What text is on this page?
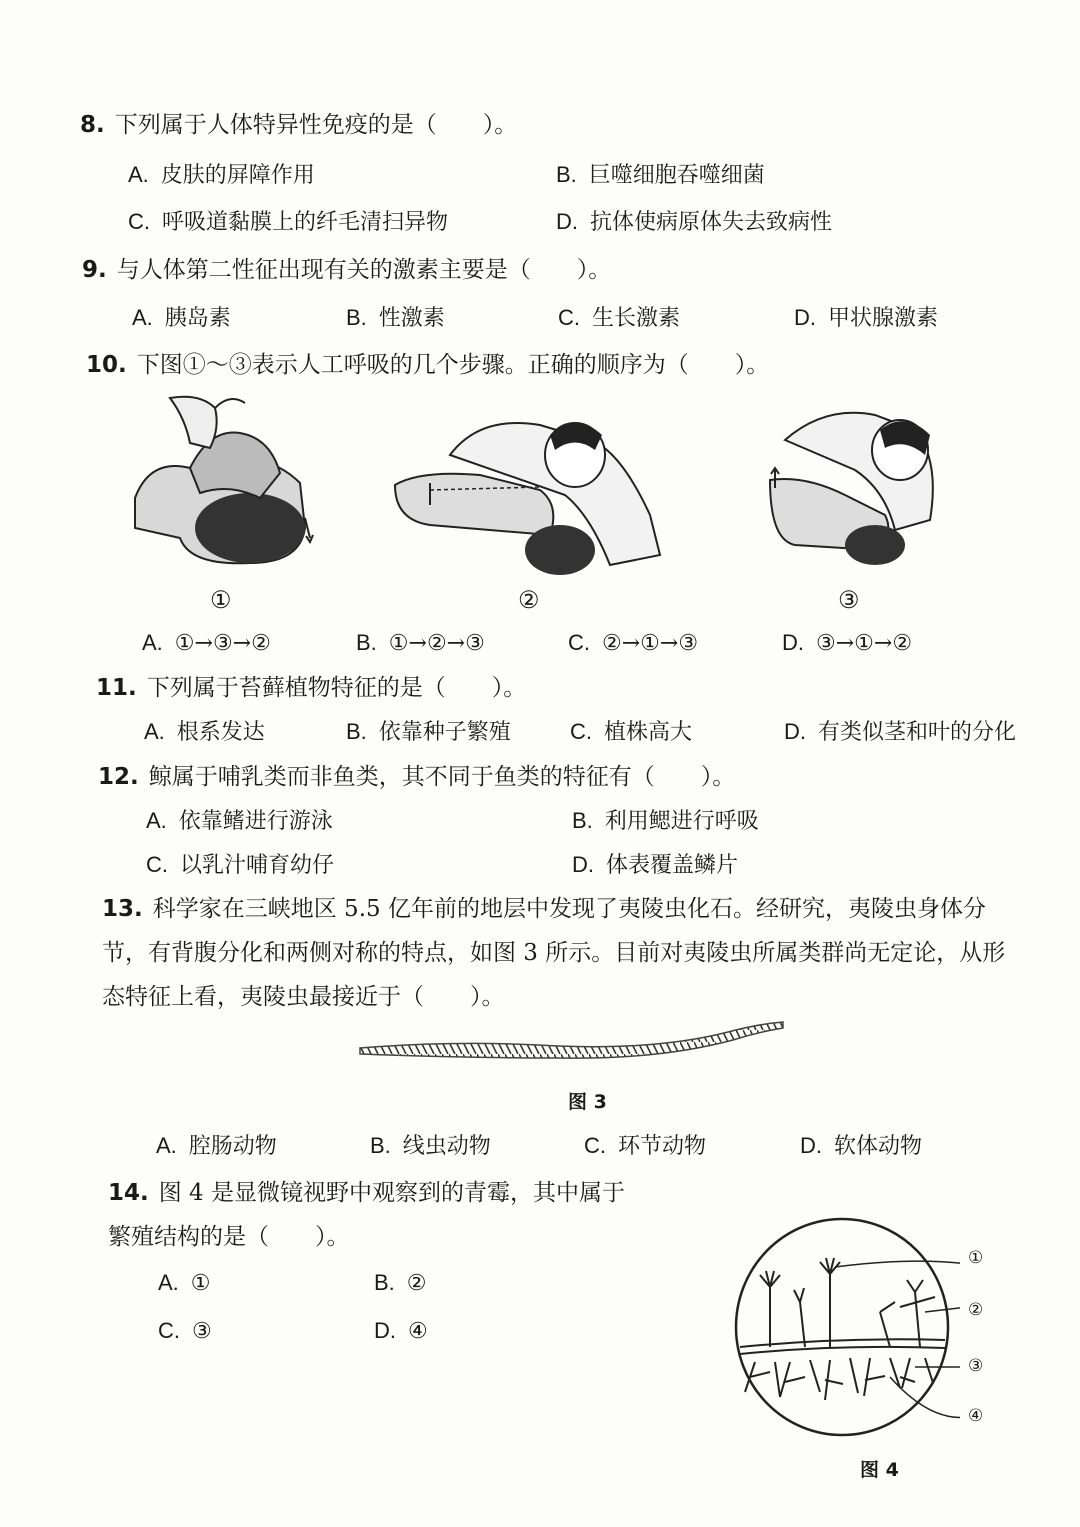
8. 下列属于人体特异性免疫的是（　　）。
A. 皮肤的屏障作用	B. 巨噬细胞吞噬细菌
C. 呼吸道黏膜上的纤毛清扫异物	D. 抗体使病原体失去致病性
9. 与人体第二性征出现有关的激素主要是（　　）。
A. 胰岛素	B. 性激素	C. 生长激素	D. 甲状腺激素
10. 下图①～③表示人工呼吸的几个步骤。正确的顺序为（　　）。
①	②	③
A. ①→③→②	B. ①→②→③	C. ②→①→③	D. ③→①→②
11. 下列属于苔藓植物特征的是（　　）。
A. 根系发达	B. 依靠种子繁殖	C. 植株高大	D. 有类似茎和叶的分化
12. 鲸属于哺乳类而非鱼类，其不同于鱼类的特征有（　　）。
A. 依靠鳍进行游泳	B. 利用鳃进行呼吸
C. 以乳汁哺育幼仔	D. 体表覆盖鳞片
13. 科学家在三峡地区 5.5 亿年前的地层中发现了夷陵虫化石。经研究，夷陵虫身体分
节，有背腹分化和两侧对称的特点，如图 3 所示。目前对夷陵虫所属类群尚无定论，从形
态特征上看，夷陵虫最接近于（　　）。
图 3
A. 腔肠动物	B. 线虫动物	C. 环节动物	D. 软体动物
14. 图 4 是显微镜视野中观察到的青霉，其中属于
繁殖结构的是（　　）。
A. ①	B. ②
C. ③	D. ④
①
②
③
④
图 4
